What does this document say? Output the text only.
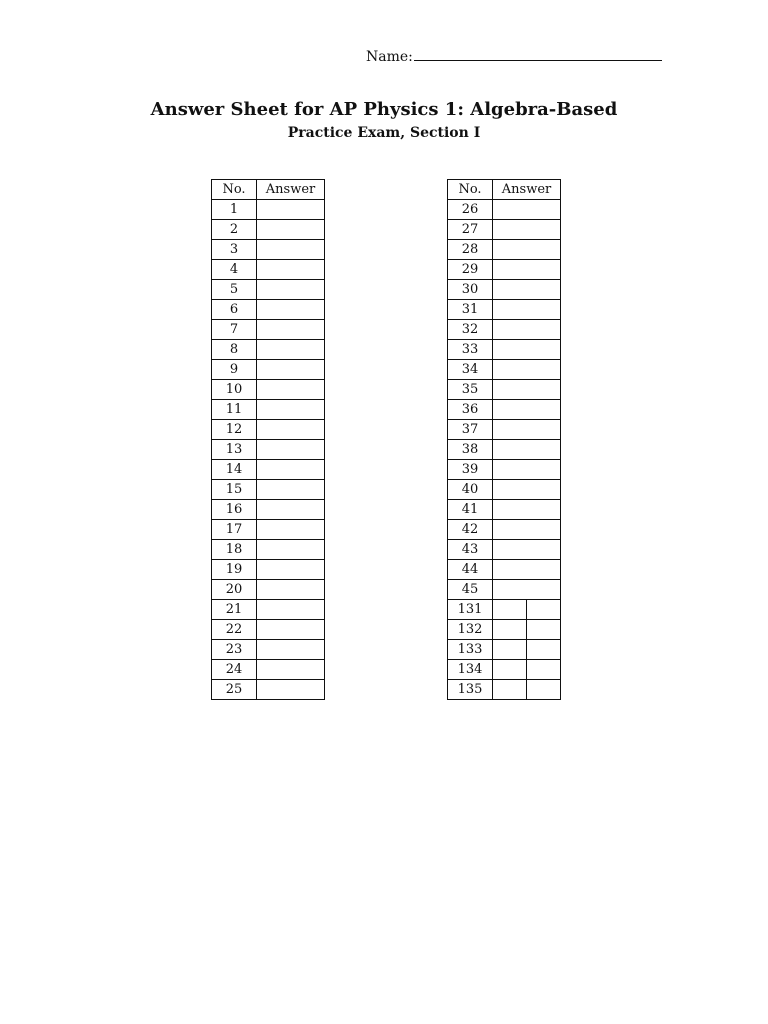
Name:
Answer Sheet for AP Physics 1: Algebra-Based
Practice Exam, Section I
No.	Answer
1	
2	
3	
4	
5	
6	
7	
8	
9	
10	
11	
12	
13	
14	
15	
16	
17	
18	
19	
20	
21	
22	
23	
24	
25	
No.	Answer	
26		
27		
28		
29		
30		
31		
32		
33		
34		
35		
36		
37		
38		
39		
40		
41		
42		
43		
44		
45		
131		
132		
133		
134		
135		
